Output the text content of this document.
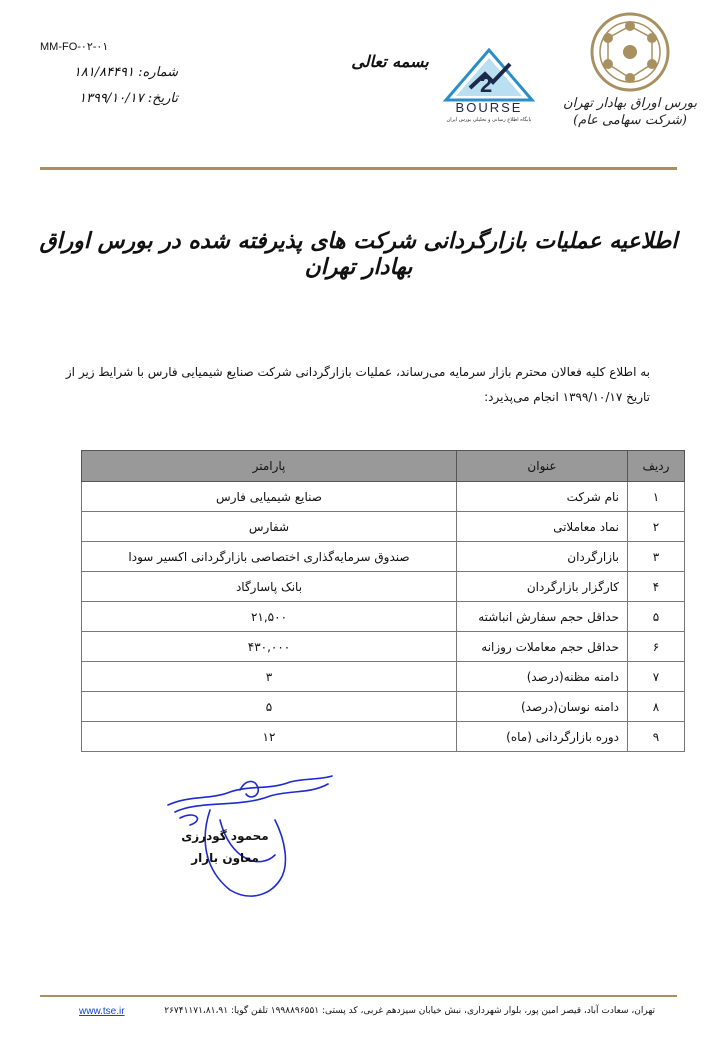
MM-FO-۰۲-۰۱
شماره: ۱۸۱/۸۴۴۹۱
تاریخ: ۱۳۹۹/۱۰/۱۷
بسمه تعالی
2
BOURSE
پایگاه اطلاع رسانی و تحلیلی بورس ایران
بورس اوراق بهادار تهران
(شرکت سهامی عام)
اطلاعیه عملیات بازارگردانی شرکت های پذیرفته شده در بورس اوراق بهادار تهران
به اطلاع کلیه فعالان محترم بازار سرمایه می‌رساند، عملیات بازارگردانی شرکت صنایع شیمیایی فارس با شرایط زیر از تاریخ ۱۳۹۹/۱۰/۱۷ انجام می‌پذیرد:
ردیف	عنوان	پارامتر
۱	نام شرکت	صنایع شیمیایی فارس
۲	نماد معاملاتی	شفارس
۳	بازارگردان	صندوق سرمایه‌گذاری اختصاصی بازارگردانی اکسیر سودا
۴	کارگزار بازارگردان	بانک پاسارگاد
۵	حداقل حجم سفارش انباشته	۲۱,۵۰۰
۶	حداقل حجم معاملات روزانه	۴۳۰,۰۰۰
۷	دامنه مظنه(درصد)	۳
۸	دامنه نوسان(درصد)	۵
۹	دوره بازارگردانی (ماه)	۱۲
محمود گودرزی
معاون بازار
تهران، سعادت آباد، قیصر امین پور، بلوار شهرداری، نبش خیابان سیزدهم غربی، کد پستی: ۱۹۹۸۸۹۶۵۵۱ تلفن گویا: ۲۶۷۴۱۱۷۱،۸۱،۹۱
www.tse.ir
